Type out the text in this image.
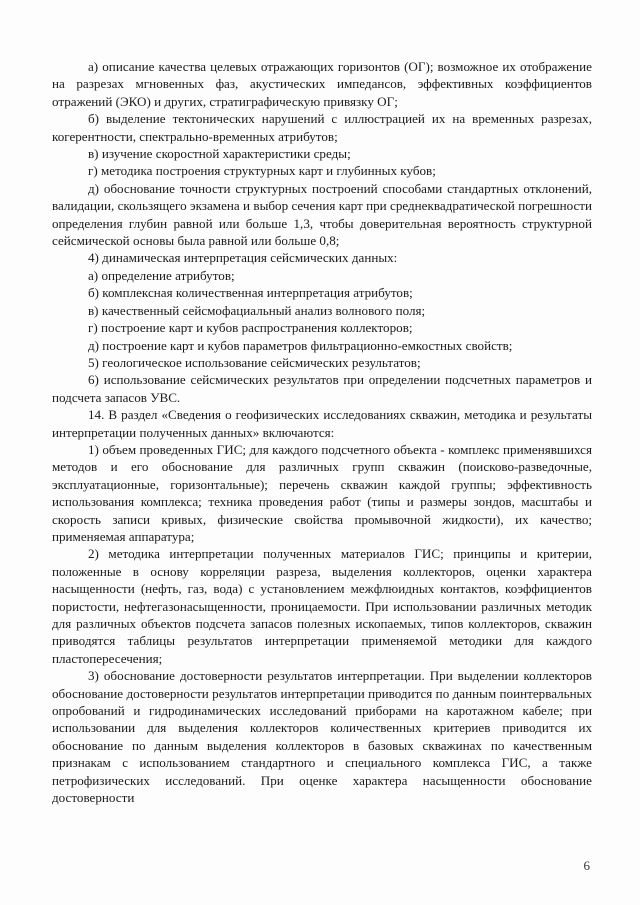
а) описание качества целевых отражающих горизонтов (ОГ); возможное их отображение на разрезах мгновенных фаз, акустических импедансов, эффективных коэффициентов отражений (ЭКО) и других, стратиграфическую привязку ОГ;

б) выделение тектонических нарушений с иллюстрацией их на временных разрезах, когерентности, спектрально-временных атрибутов;

в) изучение скоростной характеристики среды;

г) методика построения структурных карт и глубинных кубов;

д) обоснование точности структурных построений способами стандартных отклонений, валидации, скользящего экзамена и выбор сечения карт при среднеквадратической погрешности определения глубин равной или больше 1,3, чтобы доверительная вероятность структурной сейсмической основы была равной или больше 0,8;

4) динамическая интерпретация сейсмических данных:

а) определение атрибутов;

б) комплексная количественная интерпретация атрибутов;

в) качественный сейсмофациальный анализ волнового поля;

г) построение карт и кубов распространения коллекторов;

д) построение карт и кубов параметров фильтрационно-емкостных свойств;

5) геологическое использование сейсмических результатов;

6) использование сейсмических результатов при определении подсчетных параметров и подсчета запасов УВС.

14. В раздел «Сведения о геофизических исследованиях скважин, методика и результаты интерпретации полученных данных» включаются:

1) объем проведенных ГИС; для каждого подсчетного объекта - комплекс применявшихся методов и его обоснование для различных групп скважин (поисково-разведочные, эксплуатационные, горизонтальные); перечень скважин каждой группы; эффективность использования комплекса; техника проведения работ (типы и размеры зондов, масштабы и скорость записи кривых, физические свойства промывочной жидкости), их качество; применяемая аппаратура;

2) методика интерпретации полученных материалов ГИС; принципы и критерии, положенные в основу корреляции разреза, выделения коллекторов, оценки характера насыщенности (нефть, газ, вода) с установлением межфлюидных контактов, коэффициентов пористости, нефтегазонасыщенности, проницаемости. При использовании различных методик для различных объектов подсчета запасов полезных ископаемых, типов коллекторов, скважин приводятся таблицы результатов интерпретации применяемой методики для каждого пластопересечения;

3) обоснование достоверности результатов интерпретации. При выделении коллекторов обоснование достоверности результатов интерпретации приводится по данным поинтервальных опробований и гидродинамических исследований приборами на каротажном кабеле; при использовании для выделения коллекторов количественных критериев приводится их обоснование по данным выделения коллекторов в базовых скважинах по качественным признакам с использованием стандартного и специального комплекса ГИС, а также петрофизических исследований. При оценке характера насыщенности обоснование достоверности

6
